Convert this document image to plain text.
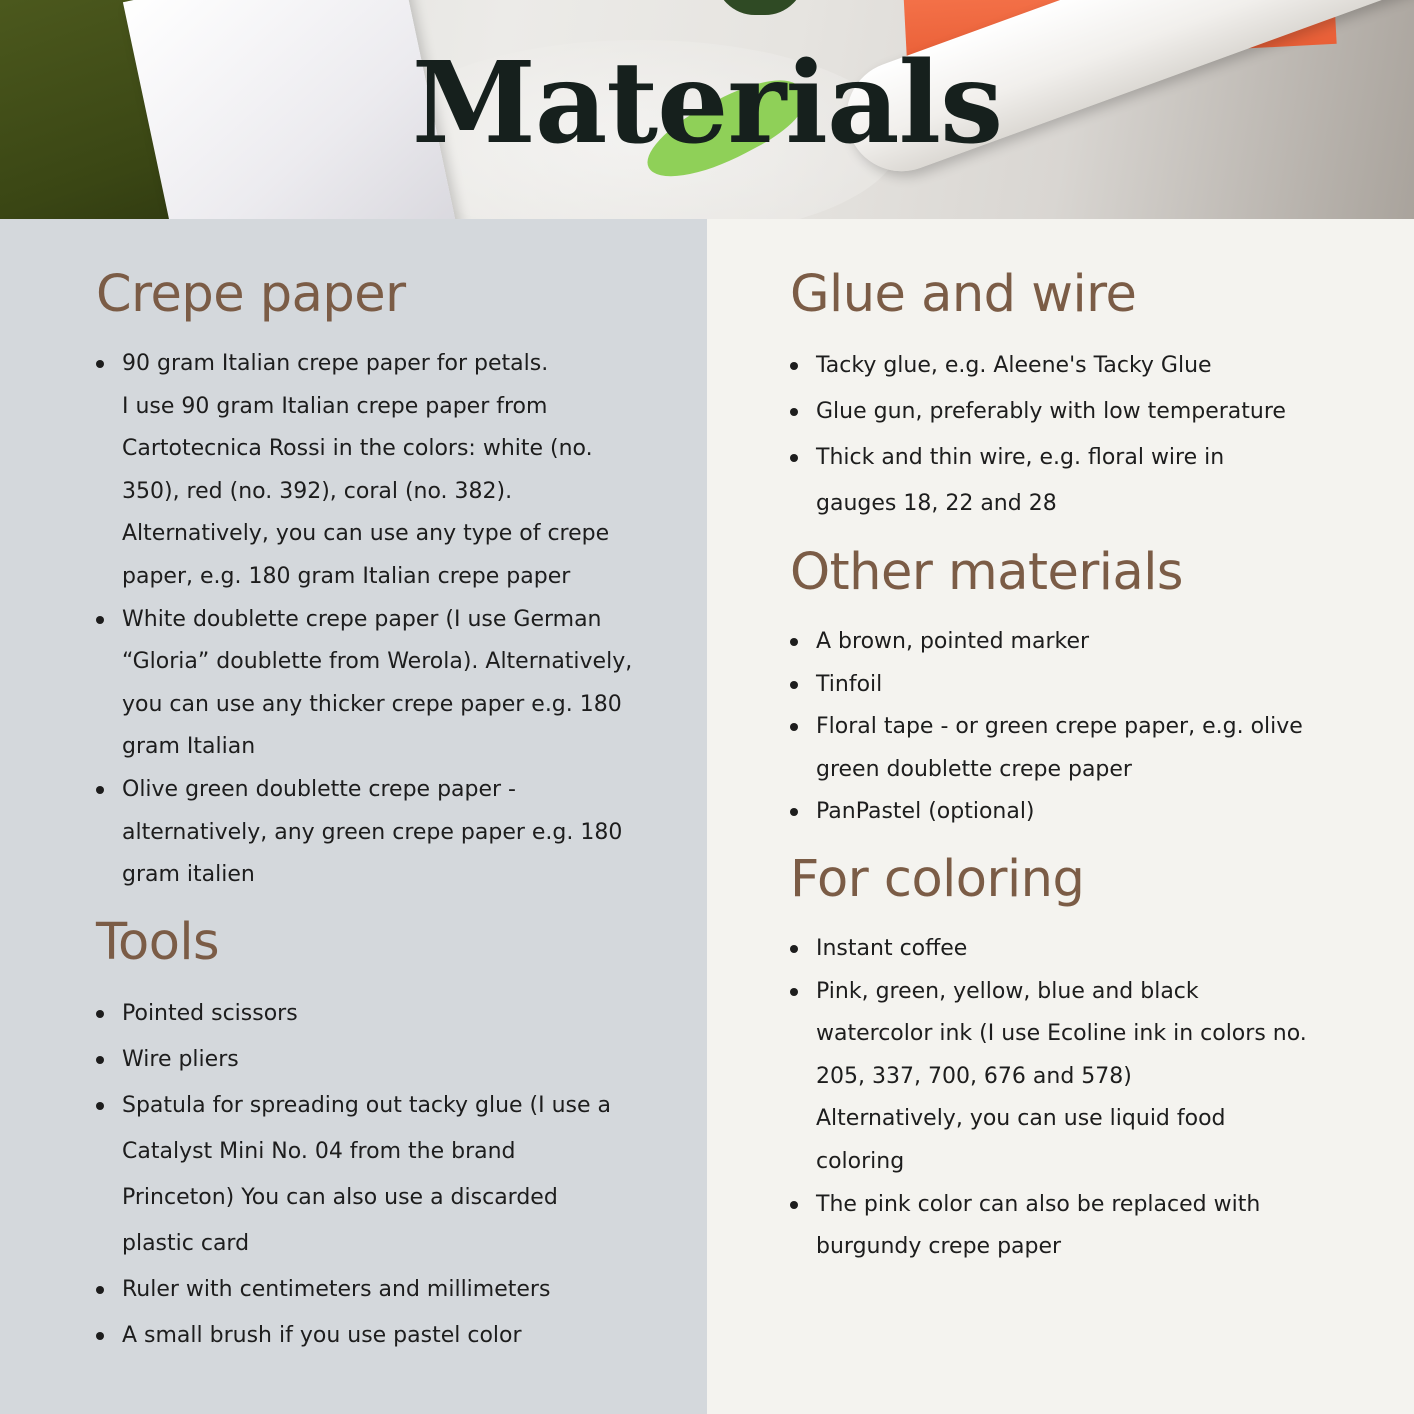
Materials
Crepe paper
90 gram Italian crepe paper for petals.
I use 90 gram Italian crepe paper from
Cartotecnica Rossi in the colors: white (no.
350), red (no. 392), coral (no. 382).
Alternatively, you can use any type of crepe
paper, e.g. 180 gram Italian crepe paper
White doublette crepe paper (I use German
“Gloria” doublette from Werola). Alternatively,
you can use any thicker crepe paper e.g. 180
gram Italian
Olive green doublette crepe paper -
alternatively, any green crepe paper e.g. 180
gram italien
Tools
Pointed scissors
Wire pliers
Spatula for spreading out tacky glue (I use a
Catalyst Mini No. 04 from the brand
Princeton) You can also use a discarded
plastic card
Ruler with centimeters and millimeters
A small brush if you use pastel color
Glue and wire
Tacky glue, e.g. Aleene's Tacky Glue
Glue gun, preferably with low temperature
Thick and thin wire, e.g. floral wire in
gauges 18, 22 and 28
Other materials
A brown, pointed marker
Tinfoil
Floral tape - or green crepe paper, e.g. olive
green doublette crepe paper
PanPastel (optional)
For coloring
Instant coffee
Pink, green, yellow, blue and black
watercolor ink (I use Ecoline ink in colors no.
205, 337, 700, 676 and 578)
Alternatively, you can use liquid food
coloring
The pink color can also be replaced with
burgundy crepe paper
